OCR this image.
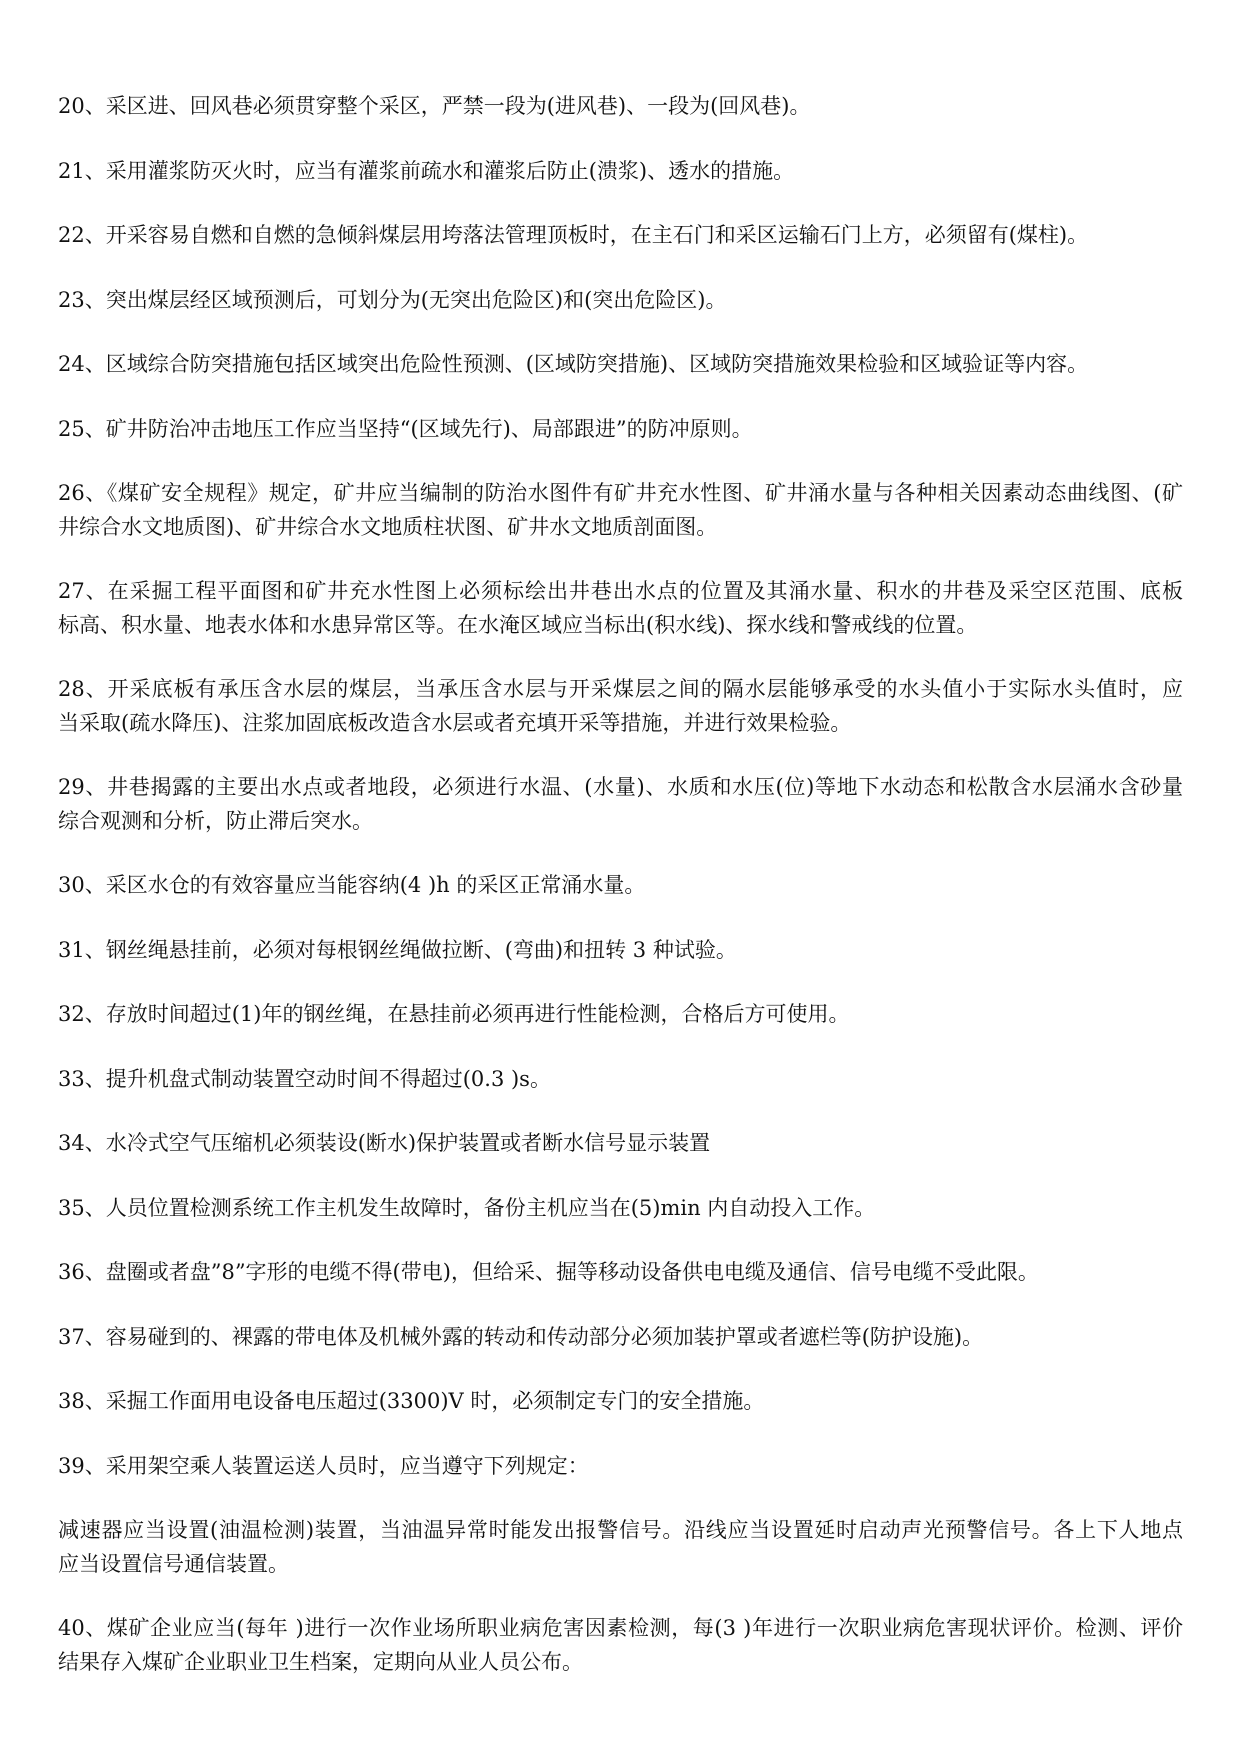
20、采区进、回风巷必须贯穿整个采区，严禁一段为(进风巷)、一段为(回风巷)。
21、采用灌浆防灭火时，应当有灌浆前疏水和灌浆后防止(溃浆)、透水的措施。
22、开采容易自燃和自燃的急倾斜煤层用垮落法管理顶板时，在主石门和采区运输石门上方，必须留有(煤柱)。
23、突出煤层经区域预测后，可划分为(无突出危险区)和(突出危险区)。
24、区域综合防突措施包括区域突出危险性预测、(区域防突措施)、区域防突措施效果检验和区域验证等内容。
25、矿井防治冲击地压工作应当坚持“(区域先行)、局部跟进”的防冲原则。
26、《煤矿安全规程》规定，矿井应当编制的防治水图件有矿井充水性图、矿井涌水量与各种相关因素动态曲线图、(矿
井综合水文地质图)、矿井综合水文地质柱状图、矿井水文地质剖面图。
27、在采掘工程平面图和矿井充水性图上必须标绘出井巷出水点的位置及其涌水量、积水的井巷及采空区范围、底板
标高、积水量、地表水体和水患异常区等。在水淹区域应当标出(积水线)、探水线和警戒线的位置。
28、开采底板有承压含水层的煤层，当承压含水层与开采煤层之间的隔水层能够承受的水头值小于实际水头值时，应
当采取(疏水降压)、注浆加固底板改造含水层或者充填开采等措施，并进行效果检验。
29、井巷揭露的主要出水点或者地段，必须进行水温、(水量)、水质和水压(位)等地下水动态和松散含水层涌水含砂量
综合观测和分析，防止滞后突水。
30、采区水仓的有效容量应当能容纳(4 )h 的采区正常涌水量。
31、钢丝绳悬挂前，必须对每根钢丝绳做拉断、(弯曲)和扭转 3 种试验。
32、存放时间超过(1)年的钢丝绳，在悬挂前必须再进行性能检测，合格后方可使用。
33、提升机盘式制动装置空动时间不得超过(0.3 )s。
34、水冷式空气压缩机必须装设(断水)保护装置或者断水信号显示装置
35、人员位置检测系统工作主机发生故障时，备份主机应当在(5)min 内自动投入工作。
36、盘圈或者盘”8”字形的电缆不得(带电)，但给采、掘等移动设备供电电缆及通信、信号电缆不受此限。
37、容易碰到的、裸露的带电体及机械外露的转动和传动部分必须加装护罩或者遮栏等(防护设施)。
38、采掘工作面用电设备电压超过(3300)V 时，必须制定专门的安全措施。
39、采用架空乘人装置运送人员时，应当遵守下列规定：
减速器应当设置(油温检测)装置，当油温异常时能发出报警信号。沿线应当设置延时启动声光预警信号。各上下人地点
应当设置信号通信装置。
40、煤矿企业应当(每年 )进行一次作业场所职业病危害因素检测，每(3 )年进行一次职业病危害现状评价。检测、评价
结果存入煤矿企业职业卫生档案，定期向从业人员公布。
